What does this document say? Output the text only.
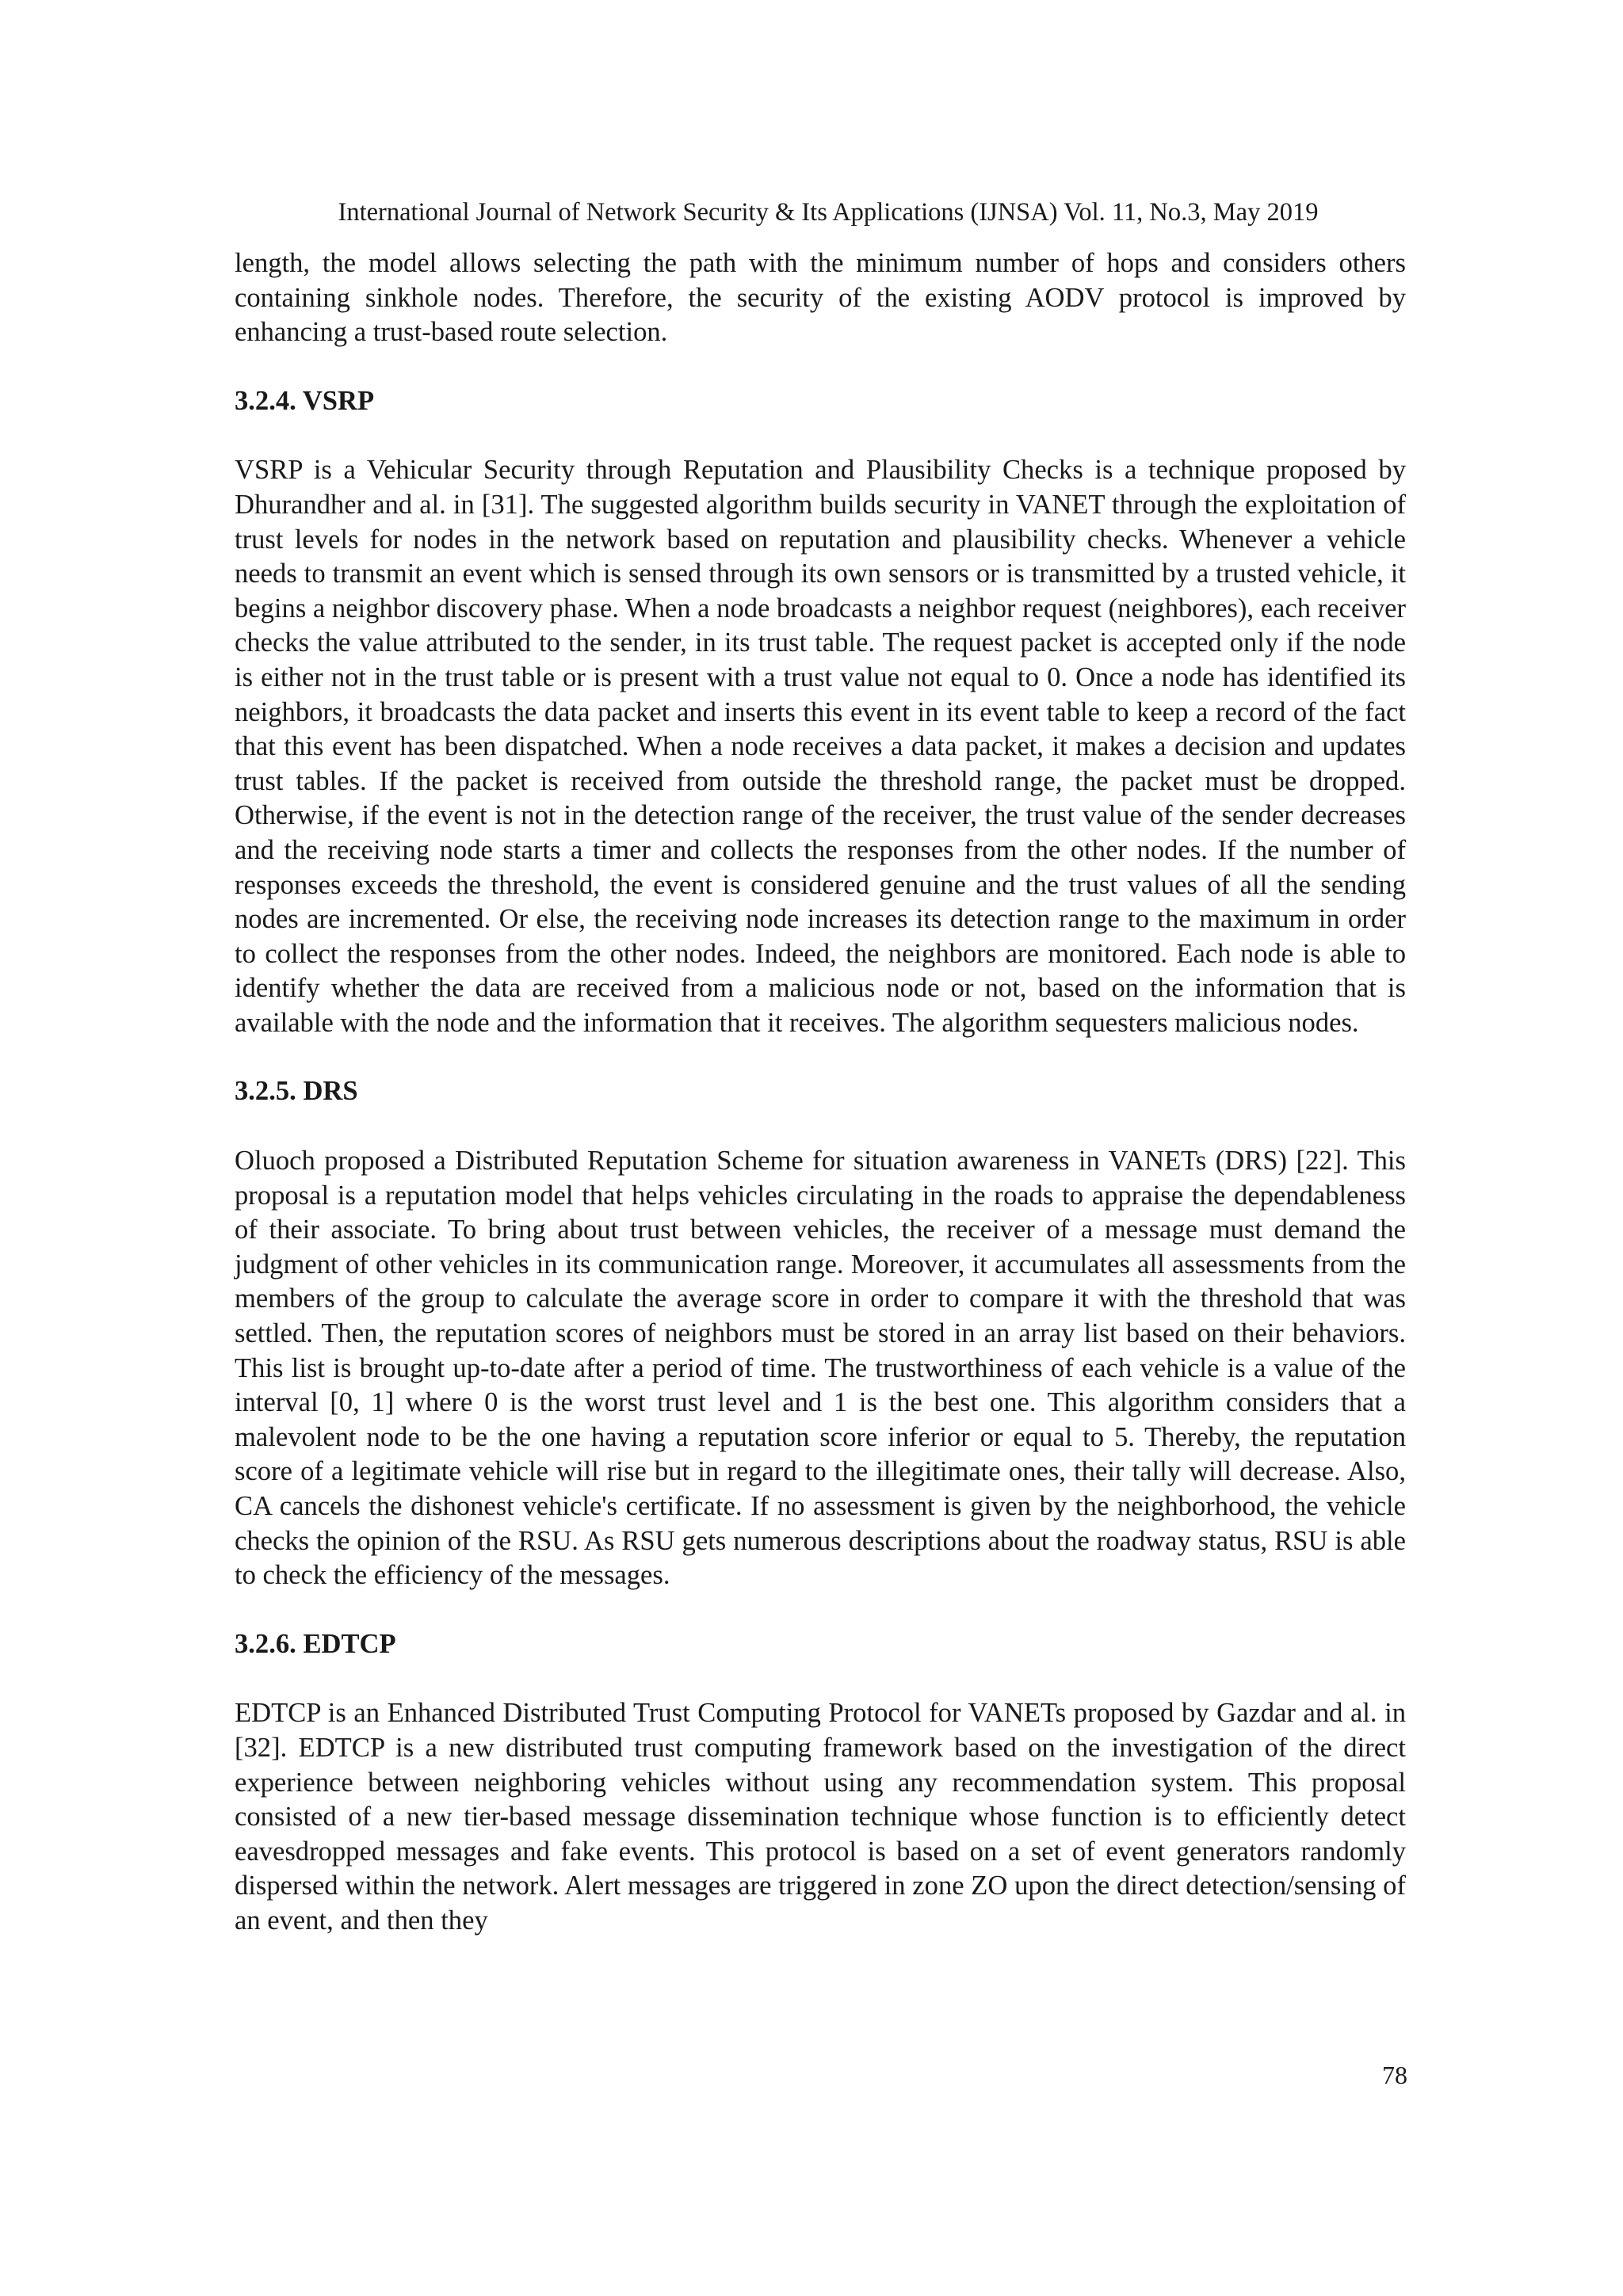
International Journal of Network Security & Its Applications (IJNSA) Vol. 11, No.3, May 2019

length, the model allows selecting the path with the minimum number of hops and considers others containing sinkhole nodes. Therefore, the security of the existing AODV protocol is improved by enhancing a trust-based route selection.

3.2.4. VSRP

VSRP is a Vehicular Security through Reputation and Plausibility Checks is a technique proposed by Dhurandher and al. in [31]. The suggested algorithm builds security in VANET through the exploitation of trust levels for nodes in the network based on reputation and plausibility checks. Whenever a vehicle needs to transmit an event which is sensed through its own sensors or is transmitted by a trusted vehicle, it begins a neighbor discovery phase. When a node broadcasts a neighbor request (neighbores), each receiver checks the value attributed to the sender, in its trust table. The request packet is accepted only if the node is either not in the trust table or is present with a trust value not equal to 0. Once a node has identified its neighbors, it broadcasts the data packet and inserts this event in its event table to keep a record of the fact that this event has been dispatched. When a node receives a data packet, it makes a decision and updates trust tables. If the packet is received from outside the threshold range, the packet must be dropped. Otherwise, if the event is not in the detection range of the receiver, the trust value of the sender decreases and the receiving node starts a timer and collects the responses from the other nodes. If the number of responses exceeds the threshold, the event is considered genuine and the trust values of all the sending nodes are incremented. Or else, the receiving node increases its detection range to the maximum in order to collect the responses from the other nodes. Indeed, the neighbors are monitored. Each node is able to identify whether the data are received from a malicious node or not, based on the information that is available with the node and the information that it receives. The algorithm sequesters malicious nodes.

3.2.5. DRS

Oluoch proposed a Distributed Reputation Scheme for situation awareness in VANETs (DRS) [22]. This proposal is a reputation model that helps vehicles circulating in the roads to appraise the dependableness of their associate. To bring about trust between vehicles, the receiver of a message must demand the judgment of other vehicles in its communication range. Moreover, it accumulates all assessments from the members of the group to calculate the average score in order to compare it with the threshold that was settled. Then, the reputation scores of neighbors must be stored in an array list based on their behaviors. This list is brought up-to-date after a period of time. The trustworthiness of each vehicle is a value of the interval [0, 1] where 0 is the worst trust level and 1 is the best one. This algorithm considers that a malevolent node to be the one having a reputation score inferior or equal to 5. Thereby, the reputation score of a legitimate vehicle will rise but in regard to the illegitimate ones, their tally will decrease. Also, CA cancels the dishonest vehicle's certificate. If no assessment is given by the neighborhood, the vehicle checks the opinion of the RSU. As RSU gets numerous descriptions about the roadway status, RSU is able to check the efficiency of the messages.

3.2.6. EDTCP

EDTCP is an Enhanced Distributed Trust Computing Protocol for VANETs proposed by Gazdar and al. in [32]. EDTCP is a new distributed trust computing framework based on the investigation of the direct experience between neighboring vehicles without using any recommendation system. This proposal consisted of a new tier-based message dissemination technique whose function is to efficiently detect eavesdropped messages and fake events. This protocol is based on a set of event generators randomly dispersed within the network. Alert messages are triggered in zone ZO upon the direct detection/sensing of an event, and then they

78
